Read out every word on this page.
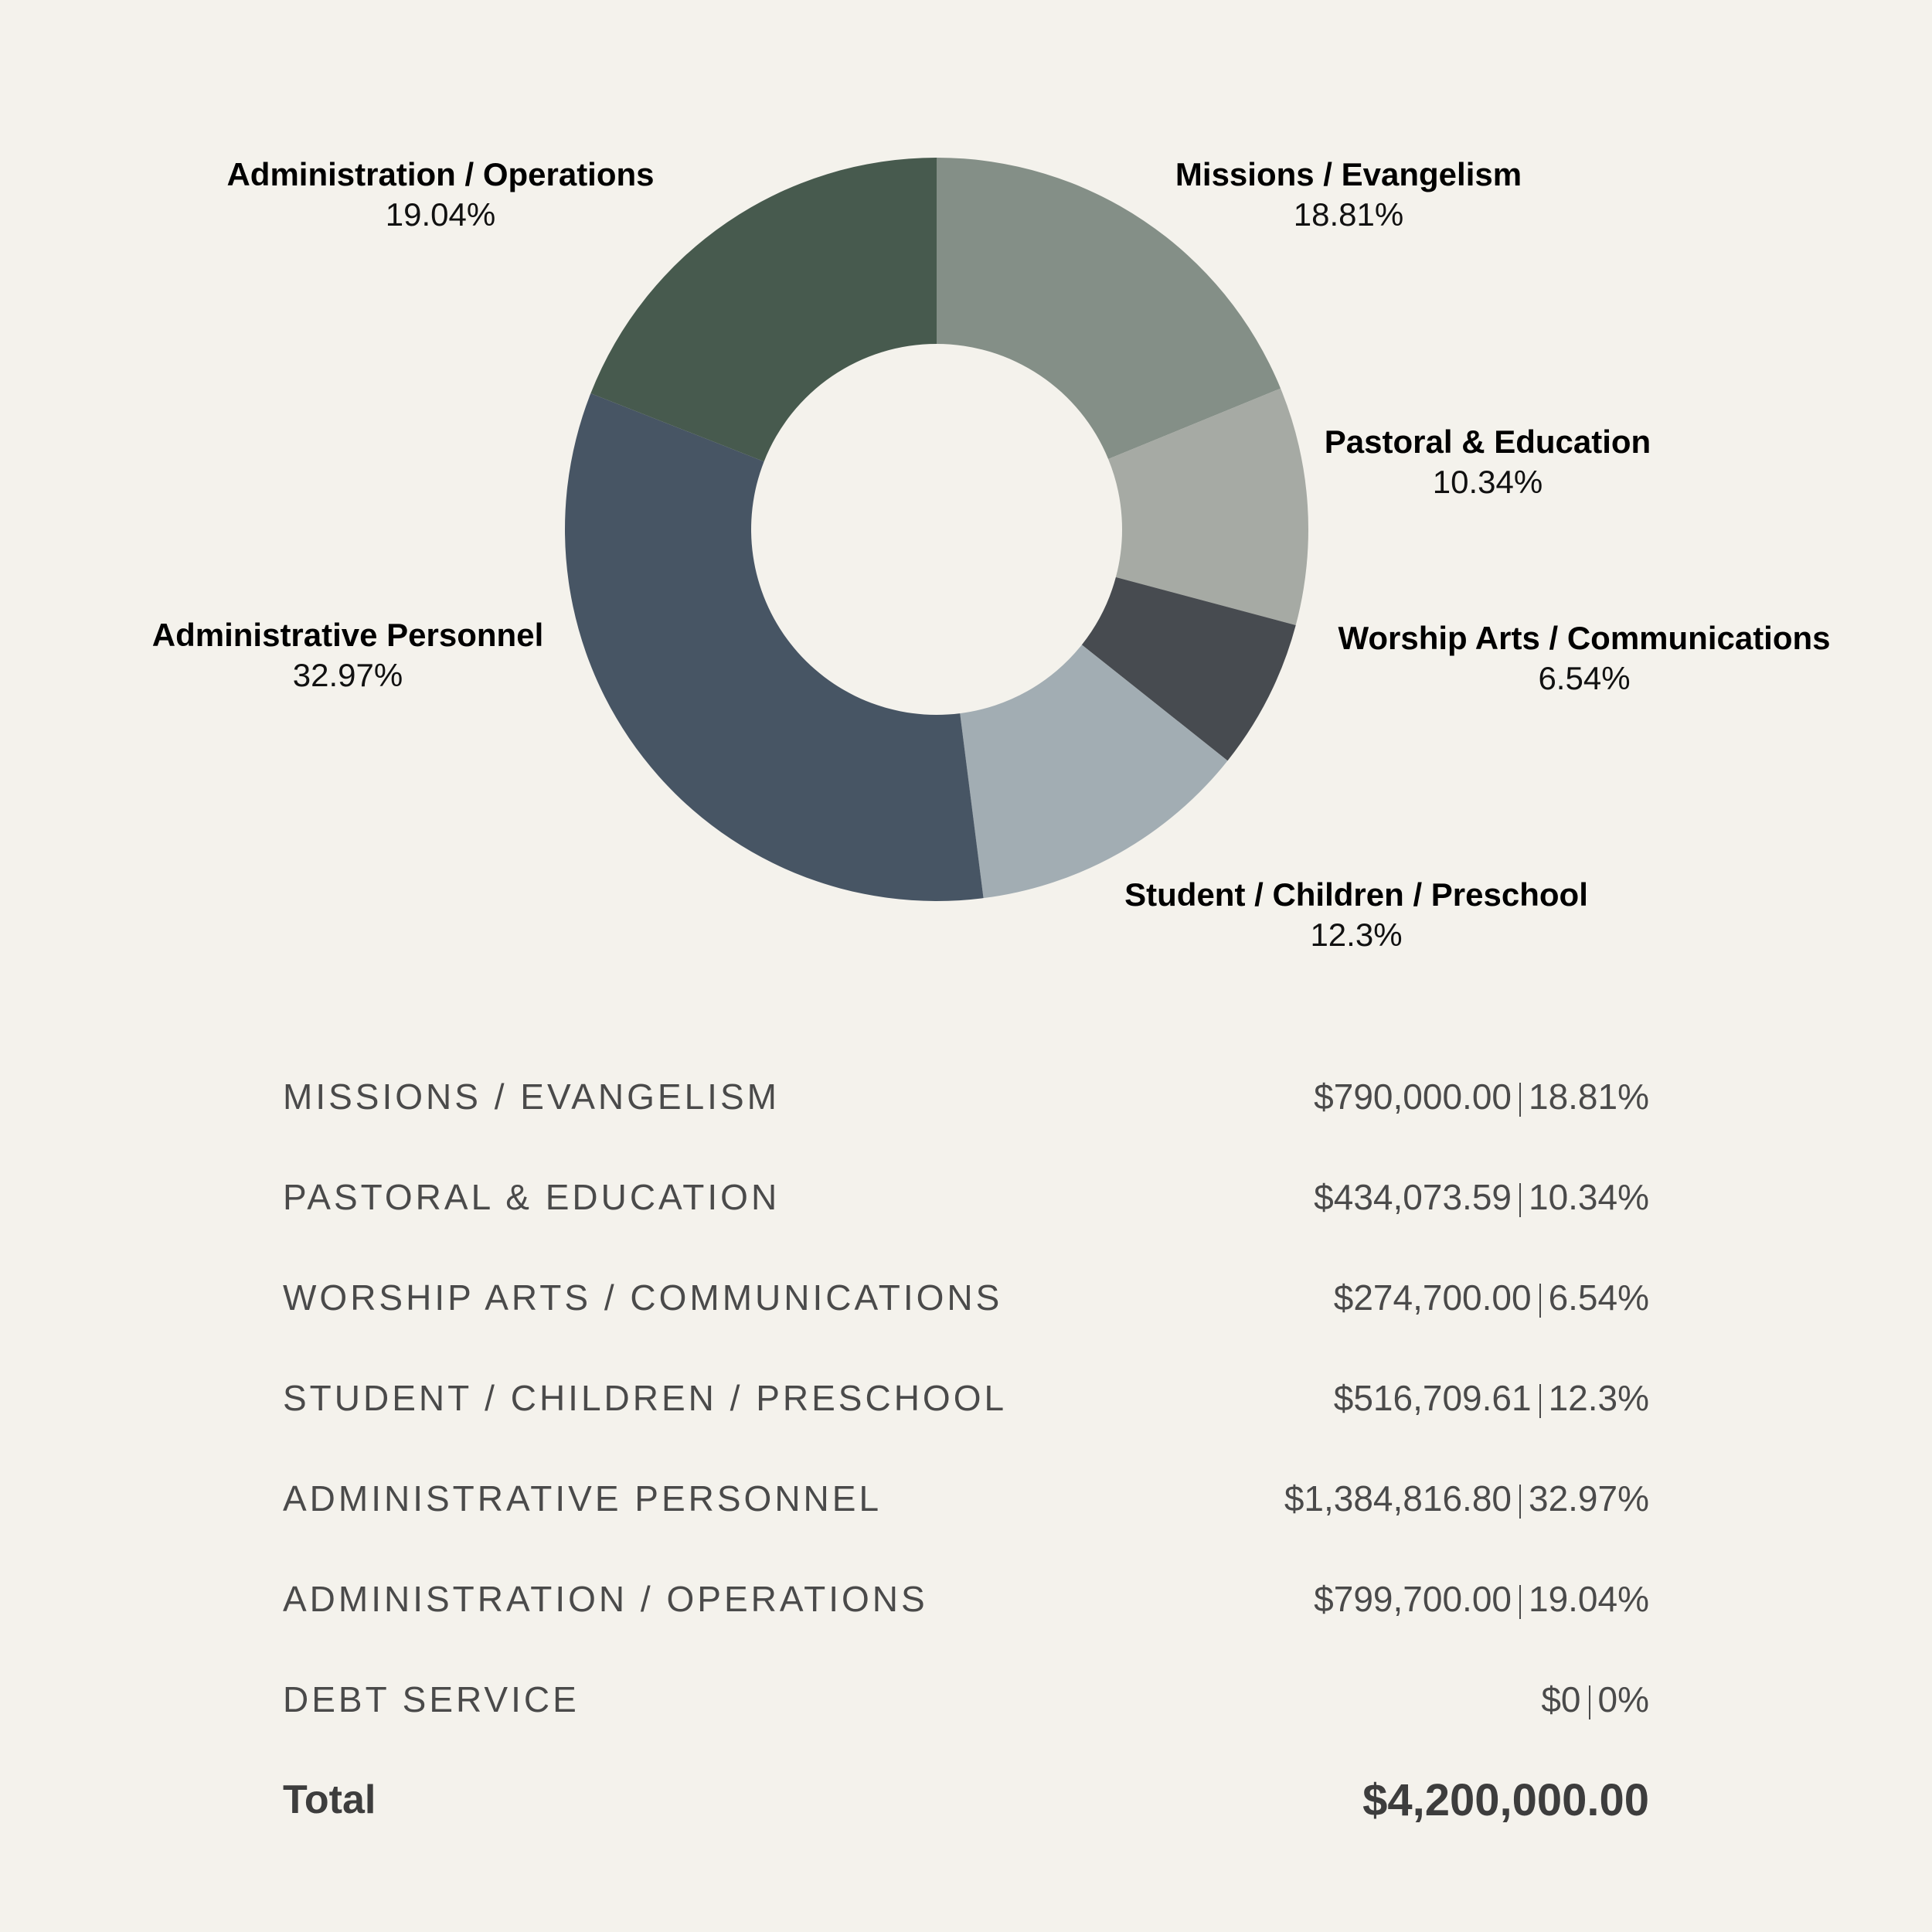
Missions / Evangelism
18.81%
Pastoral & Education
10.34%
Worship Arts / Communications
6.54%
Student / Children / Preschool
12.3%
Administrative Personnel
32.97%
Administration / Operations
19.04%
MISSIONS / EVANGELISM	$790,000.00 18.81%
PASTORAL & EDUCATION	$434,073.59 10.34%
WORSHIP ARTS / COMMUNICATIONS	$274,700.00 6.54%
STUDENT / CHILDREN / PRESCHOOL	$516,709.61 12.3%
ADMINISTRATIVE PERSONNEL	$1,384,816.80 32.97%
ADMINISTRATION / OPERATIONS	$799,700.00 19.04%
DEBT SERVICE	$0 0%
Total	$4,200,000.00
